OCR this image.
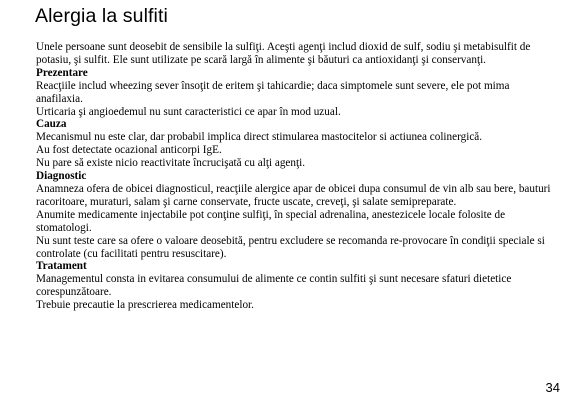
Alergia la sulfiti

Unele persoane sunt deosebit de sensibile la sulfiţi. Aceşti agenţi includ dioxid de sulf, sodiu şi metabisulfit de potasiu, şi sulfit. Ele sunt utilizate pe scară largă în alimente şi băuturi ca antioxidanţi şi conservanţi.

Prezentare

Reacţiile includ wheezing sever însoţit de eritem şi tahicardie; daca simptomele sunt severe, ele pot mima anafilaxia.

Urticaria şi angioedemul nu sunt caracteristici ce apar în mod uzual.

Cauza

Mecanismul nu este clar, dar probabil implica direct stimularea mastocitelor si actiunea colinergică.

Au fost detectate ocazional anticorpi IgE.

Nu pare să existe nicio reactivitate încrucişată cu alţi agenţi.

Diagnostic

Anamneza ofera de obicei diagnosticul, reacţiile alergice apar de obicei dupa consumul de vin alb sau bere, bauturi racoritoare, muraturi, salam şi carne conservate, fructe uscate, creveţi, şi salate semipreparate.

Anumite medicamente injectabile pot conţine sulfiţi, în special adrenalina, anestezicele locale folosite de stomatologi.

Nu sunt teste care sa ofere o valoare deosebită, pentru excludere se recomanda re-provocare în condiţii speciale si controlate (cu facilitati pentru resuscitare).

Tratament

Managementul consta in evitarea consumului de alimente ce contin sulfiti şi sunt necesare sfaturi dietetice corespunzătoare.

Trebuie precautie la prescrierea medicamentelor.

34
